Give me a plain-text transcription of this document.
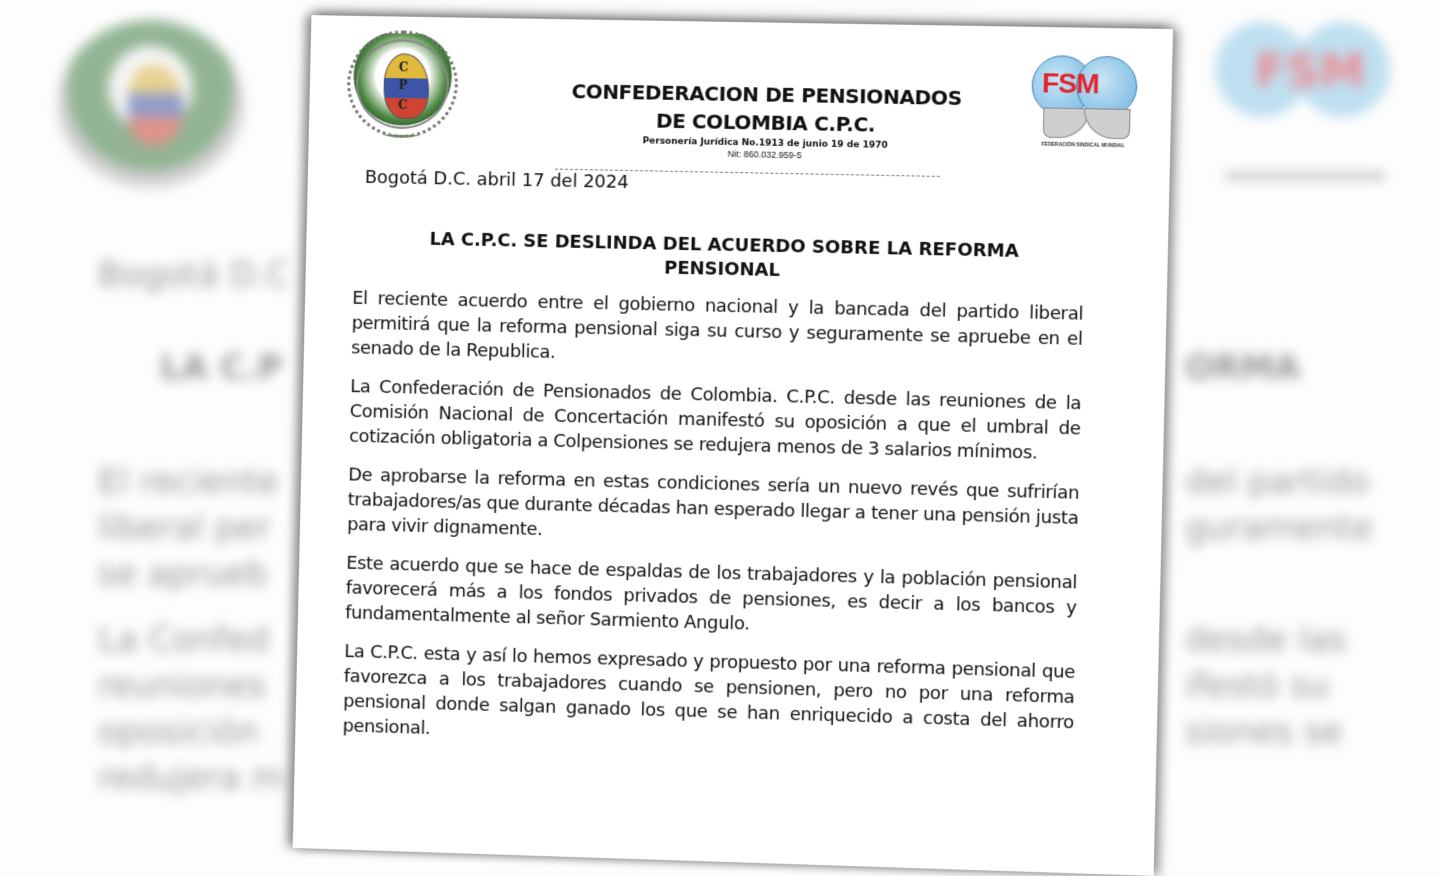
FSM
Bogotá D.C
LA C.P
El reciente
liberal per
se aprueb
La Confed
reuniones
oposición
redujera m
ORMA
del partido
guramente
desde las
ifestó su
siones se
C
P
C	CONFEDERACION DE PENSIONADOS DE COLOMBIA C.P.C.
Personería Jurídica No.1913 de junio 19 de 1970
Nit: 860.032.959-5
FSM
FEDERACIÓN SINDICAL MUNDIAL
Bogotá D.C. abril 17 del 2024
LA C.P.C. SE DESLINDA DEL ACUERDO SOBRE LA REFORMA PENSIONAL

El reciente acuerdo entre el gobierno nacional y la bancada del partido liberal permitirá que la reforma pensional siga su curso y seguramente se apruebe en el senado de la Republica.

La Confederación de Pensionados de Colombia. C.P.C. desde las reuniones de la Comisión Nacional de Concertación manifestó su oposición a que el umbral de cotización obligatoria a Colpensiones se redujera menos de 3 salarios mínimos.

De aprobarse la reforma en estas condiciones sería un nuevo revés que sufrirían trabajadores/as que durante décadas han esperado llegar a tener una pensión justa para vivir dignamente.

Este acuerdo que se hace de espaldas de los trabajadores y la población pensional favorecerá más a los fondos privados de pensiones, es decir a los bancos y fundamentalmente al señor Sarmiento Angulo.

La C.P.C. esta y así lo hemos expresado y propuesto por una reforma pensional que favorezca a los trabajadores cuando se pensionen, pero no por una reforma pensional donde salgan ganado los que se han enriquecido a costa del ahorro pensional.
